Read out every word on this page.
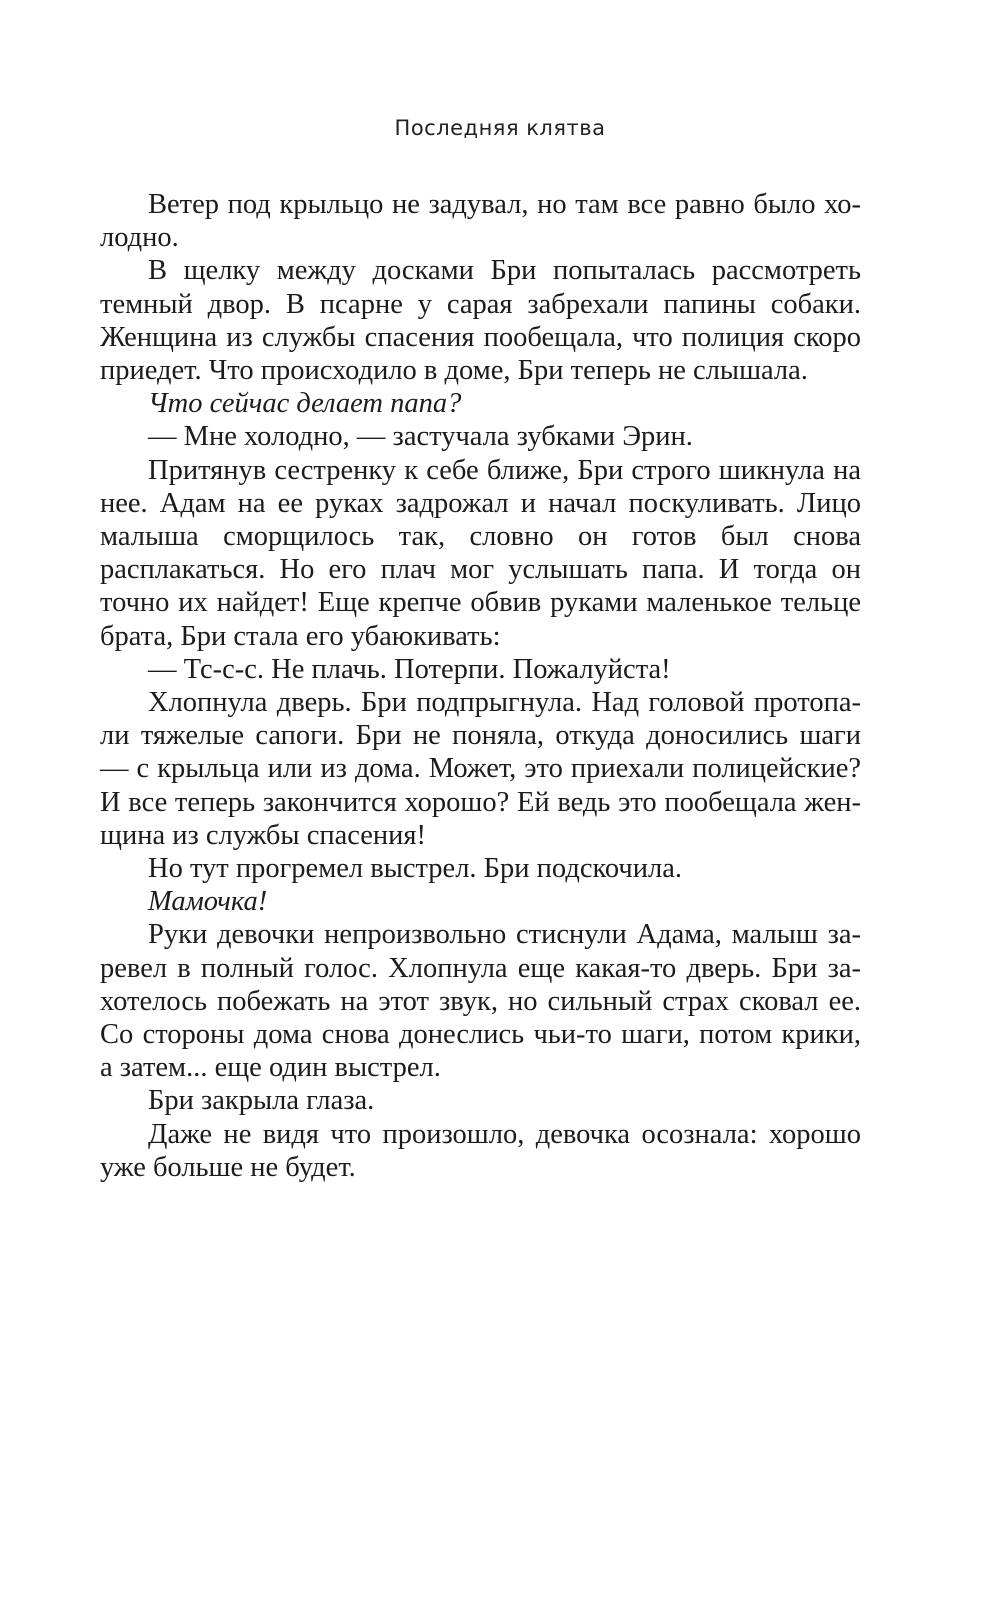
Последняя клятва

Ветер под крыльцо не задувал, но там все равно было холодно.

В щелку между досками Бри попыталась рассмотреть темный двор. В псарне у сарая забрехали папины собаки. Женщина из службы спасения пообещала, что полиция скоро приедет. Что происходило в доме, Бри теперь не слышала.

Что сейчас делает папа?

— Мне холодно, — застучала зубками Эрин.

Притянув сестренку к себе ближе, Бри строго шикнула на нее. Адам на ее руках задрожал и начал поскуливать. Лицо малыша сморщилось так, словно он готов был снова расплакаться. Но его плач мог услышать папа. И тогда он точно их найдет! Еще крепче обвив руками маленькое тельце брата, Бри стала его убаюкивать:

— Тс-с-с. Не плачь. Потерпи. Пожалуйста!

Хлопнула дверь. Бри подпрыгнула. Над головой протопали тяжелые сапоги. Бри не поняла, откуда доносились шаги — с крыльца или из дома. Может, это приехали полицейские? И все теперь закончится хорошо? Ей ведь это пообещала женщина из службы спасения!

Но тут прогремел выстрел. Бри подскочила.

Мамочка!

Руки девочки непроизвольно стиснули Адама, малыш заревел в полный голос. Хлопнула еще какая-то дверь. Бри захотелось побежать на этот звук, но сильный страх сковал ее. Со стороны дома снова донеслись чьи-то шаги, потом крики, а затем... еще один выстрел.

Бри закрыла глаза.

Даже не видя что произошло, девочка осознала: хорошо уже больше не будет.
